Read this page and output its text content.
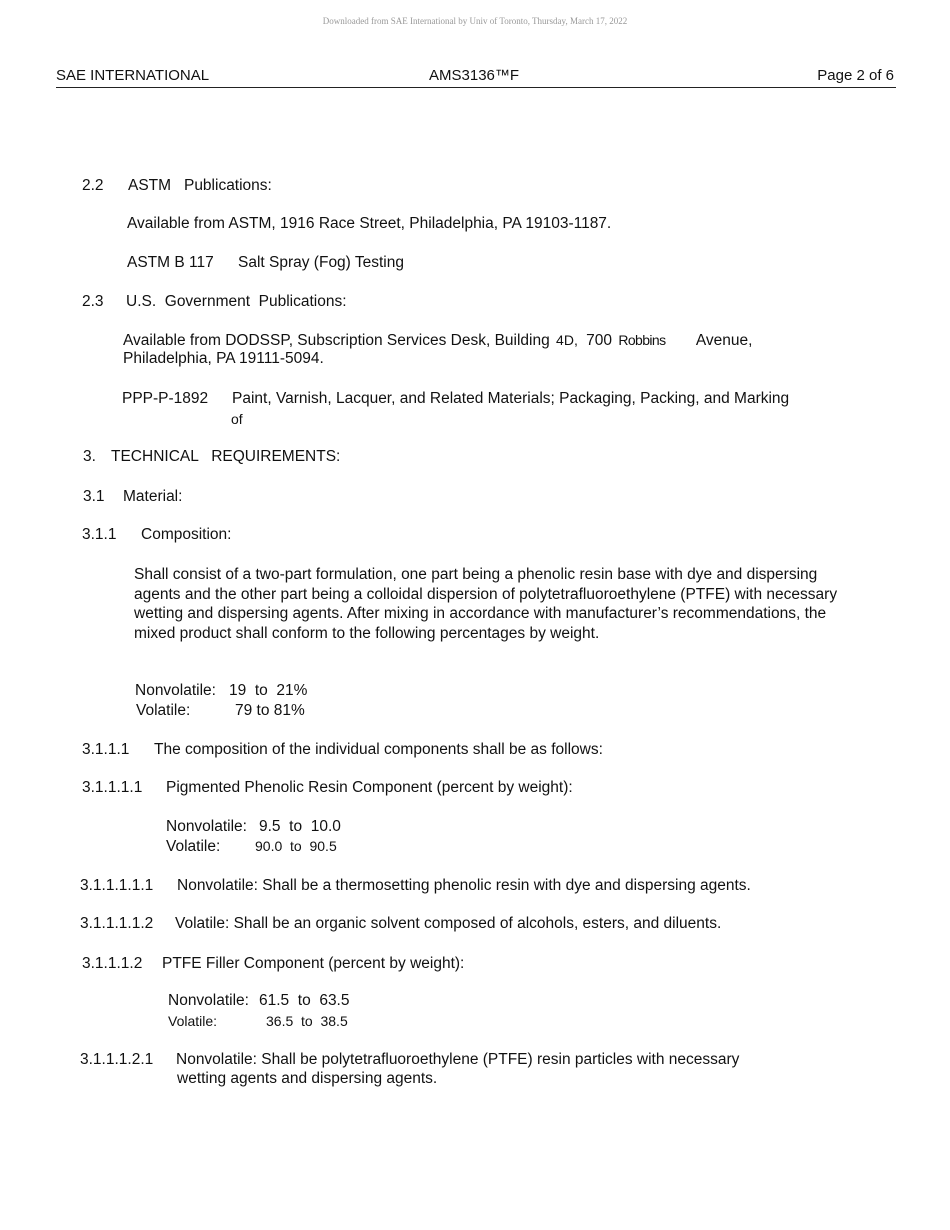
Downloaded from SAE International by Univ of Toronto, Thursday, March 17, 2022
SAE INTERNATIONAL	AMS3136™F	Page 2 of 6
2.2 ASTM   Publications:
Available from ASTM, 1916 Race Street, Philadelphia, PA 19103-1187.
ASTM B 117 Salt Spray (Fog) Testing
2.3 U.S.  Government  Publications:
Available from DODSSP, Subscription Services Desk, Building 4D, 700 Robbins Avenue,
Philadelphia, PA 19111-5094.
PPP-P-1892 Paint, Varnish, Lacquer, and Related Materials; Packaging, Packing, and Marking
of
3. TECHNICAL   REQUIREMENTS:
3.1 Material:
3.1.1 Composition:
Shall consist of a two-part formulation, one part being a phenolic resin base with dye and dispersing agents and the other part being a colloidal dispersion of polytetrafluoroethylene (PTFE) with necessary wetting and dispersing agents. After mixing in accordance with manufacturer’s recommendations, the mixed product shall conform to the following percentages by weight.
Nonvolatile: 19  to  21%
Volatile:	79 to 81%
3.1.1.1 The composition of the individual components shall be as follows:
3.1.1.1.1 Pigmented Phenolic Resin Component (percent by weight):
Nonvolatile: 9.5  to  10.0
Volatile: 90.0  to  90.5
3.1.1.1.1.1 Nonvolatile: Shall be a thermosetting phenolic resin with dye and dispersing agents.
3.1.1.1.1.2 Volatile: Shall be an organic solvent composed of alcohols, esters, and diluents.
3.1.1.1.2 PTFE Filler Component (percent by weight):
Nonvolatile: 61.5  to  63.5
Volatile:	36.5  to  38.5
3.1.1.1.2.1 Nonvolatile: Shall be polytetrafluoroethylene (PTFE) resin particles with necessary
wetting agents and dispersing agents.
